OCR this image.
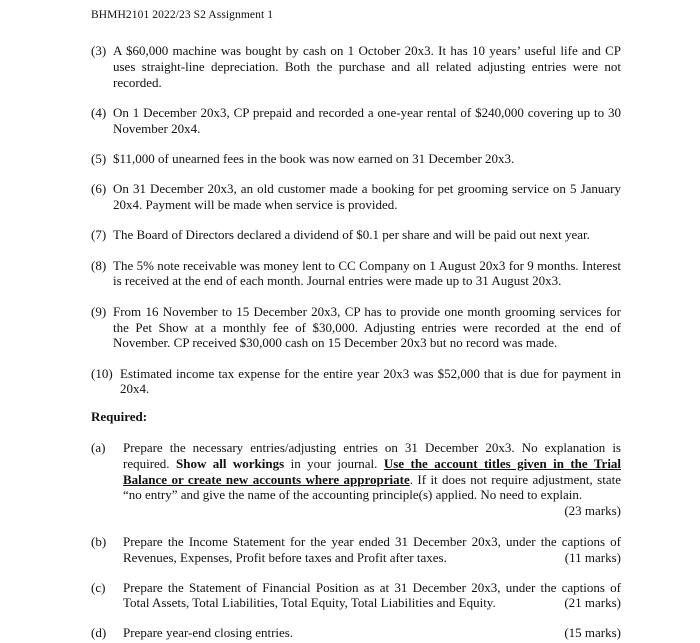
BHMH2101 2022/23 S2 Assignment 1
(3) A $60,000 machine was bought by cash on 1 October 20x3. It has 10 years’ useful life and CP uses straight-line depreciation. Both the purchase and all related adjusting entries were not recorded.
(4) On 1 December 20x3, CP prepaid and recorded a one-year rental of $240,000 covering up to 30 November 20x4.
(5) $11,000 of unearned fees in the book was now earned on 31 December 20x3.
(6) On 31 December 20x3, an old customer made a booking for pet grooming service on 5 January 20x4. Payment will be made when service is provided.
(7) The Board of Directors declared a dividend of $0.1 per share and will be paid out next year.
(8) The 5% note receivable was money lent to CC Company on 1 August 20x3 for 9 months. Interest is received at the end of each month. Journal entries were made up to 31 August 20x3.
(9) From 16 November to 15 December 20x3, CP has to provide one month grooming services for the Pet Show at a monthly fee of $30,000. Adjusting entries were recorded at the end of November. CP received $30,000 cash on 15 December 20x3 but no record was made.
(10) Estimated income tax expense for the entire year 20x3 was $52,000 that is due for payment in 20x4.
Required:
(a) Prepare the necessary entries/adjusting entries on 31 December 20x3. No explanation is required. Show all workings in your journal. Use the account titles given in the Trial Balance or create new accounts where appropriate. If it does not require adjustment, state “no entry” and give the name of the accounting principle(s) applied. No need to explain.
(23 marks)
(b) Prepare the Income Statement for the year ended 31 December 20x3, under the captions of Revenues, Expenses, Profit before taxes and Profit after taxes.	(11 marks)
(c) Prepare the Statement of Financial Position as at 31 December 20x3, under the captions of Total Assets, Total Liabilities, Total Equity, Total Liabilities and Equity.	(21 marks)
(d) Prepare year-end closing entries.	(15 marks)
